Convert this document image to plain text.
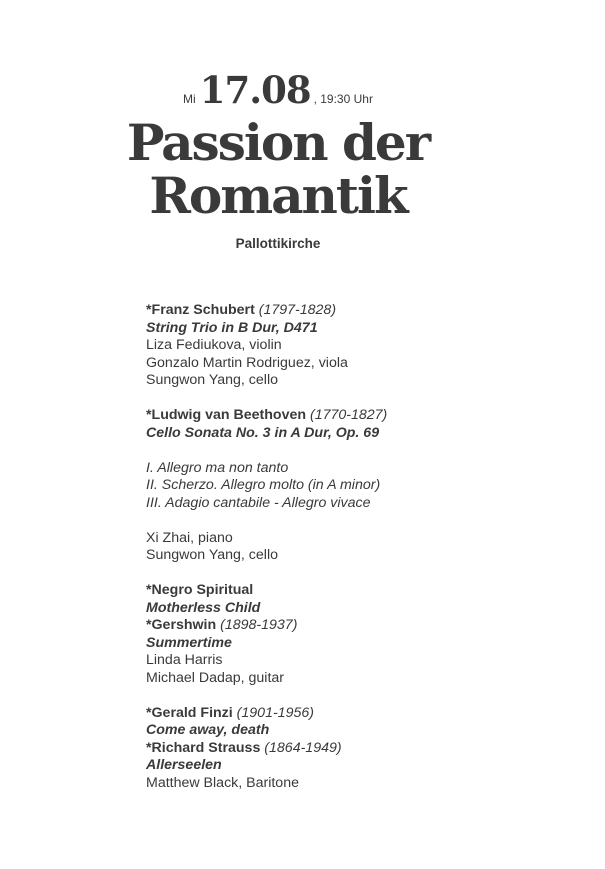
Mi 17.08 , 19:30 Uhr
Passion der
Romantik
Pallottikirche
*Franz Schubert (1797-1828)
String Trio in B Dur, D471
Liza Fediukova, violin
Gonzalo Martin Rodriguez, viola
Sungwon Yang, cello
*Ludwig van Beethoven (1770-1827)
Cello Sonata No. 3 in A Dur, Op. 69
I. Allegro ma non tanto
II. Scherzo. Allegro molto (in A minor)
III. Adagio cantabile - Allegro vivace
Xi Zhai, piano
Sungwon Yang, cello
*Negro Spiritual
Motherless Child
*Gershwin (1898-1937)
Summertime
Linda Harris
Michael Dadap, guitar
*Gerald Finzi (1901-1956)
Come away, death
*Richard Strauss (1864-1949)
Allerseelen
Matthew Black, Baritone
